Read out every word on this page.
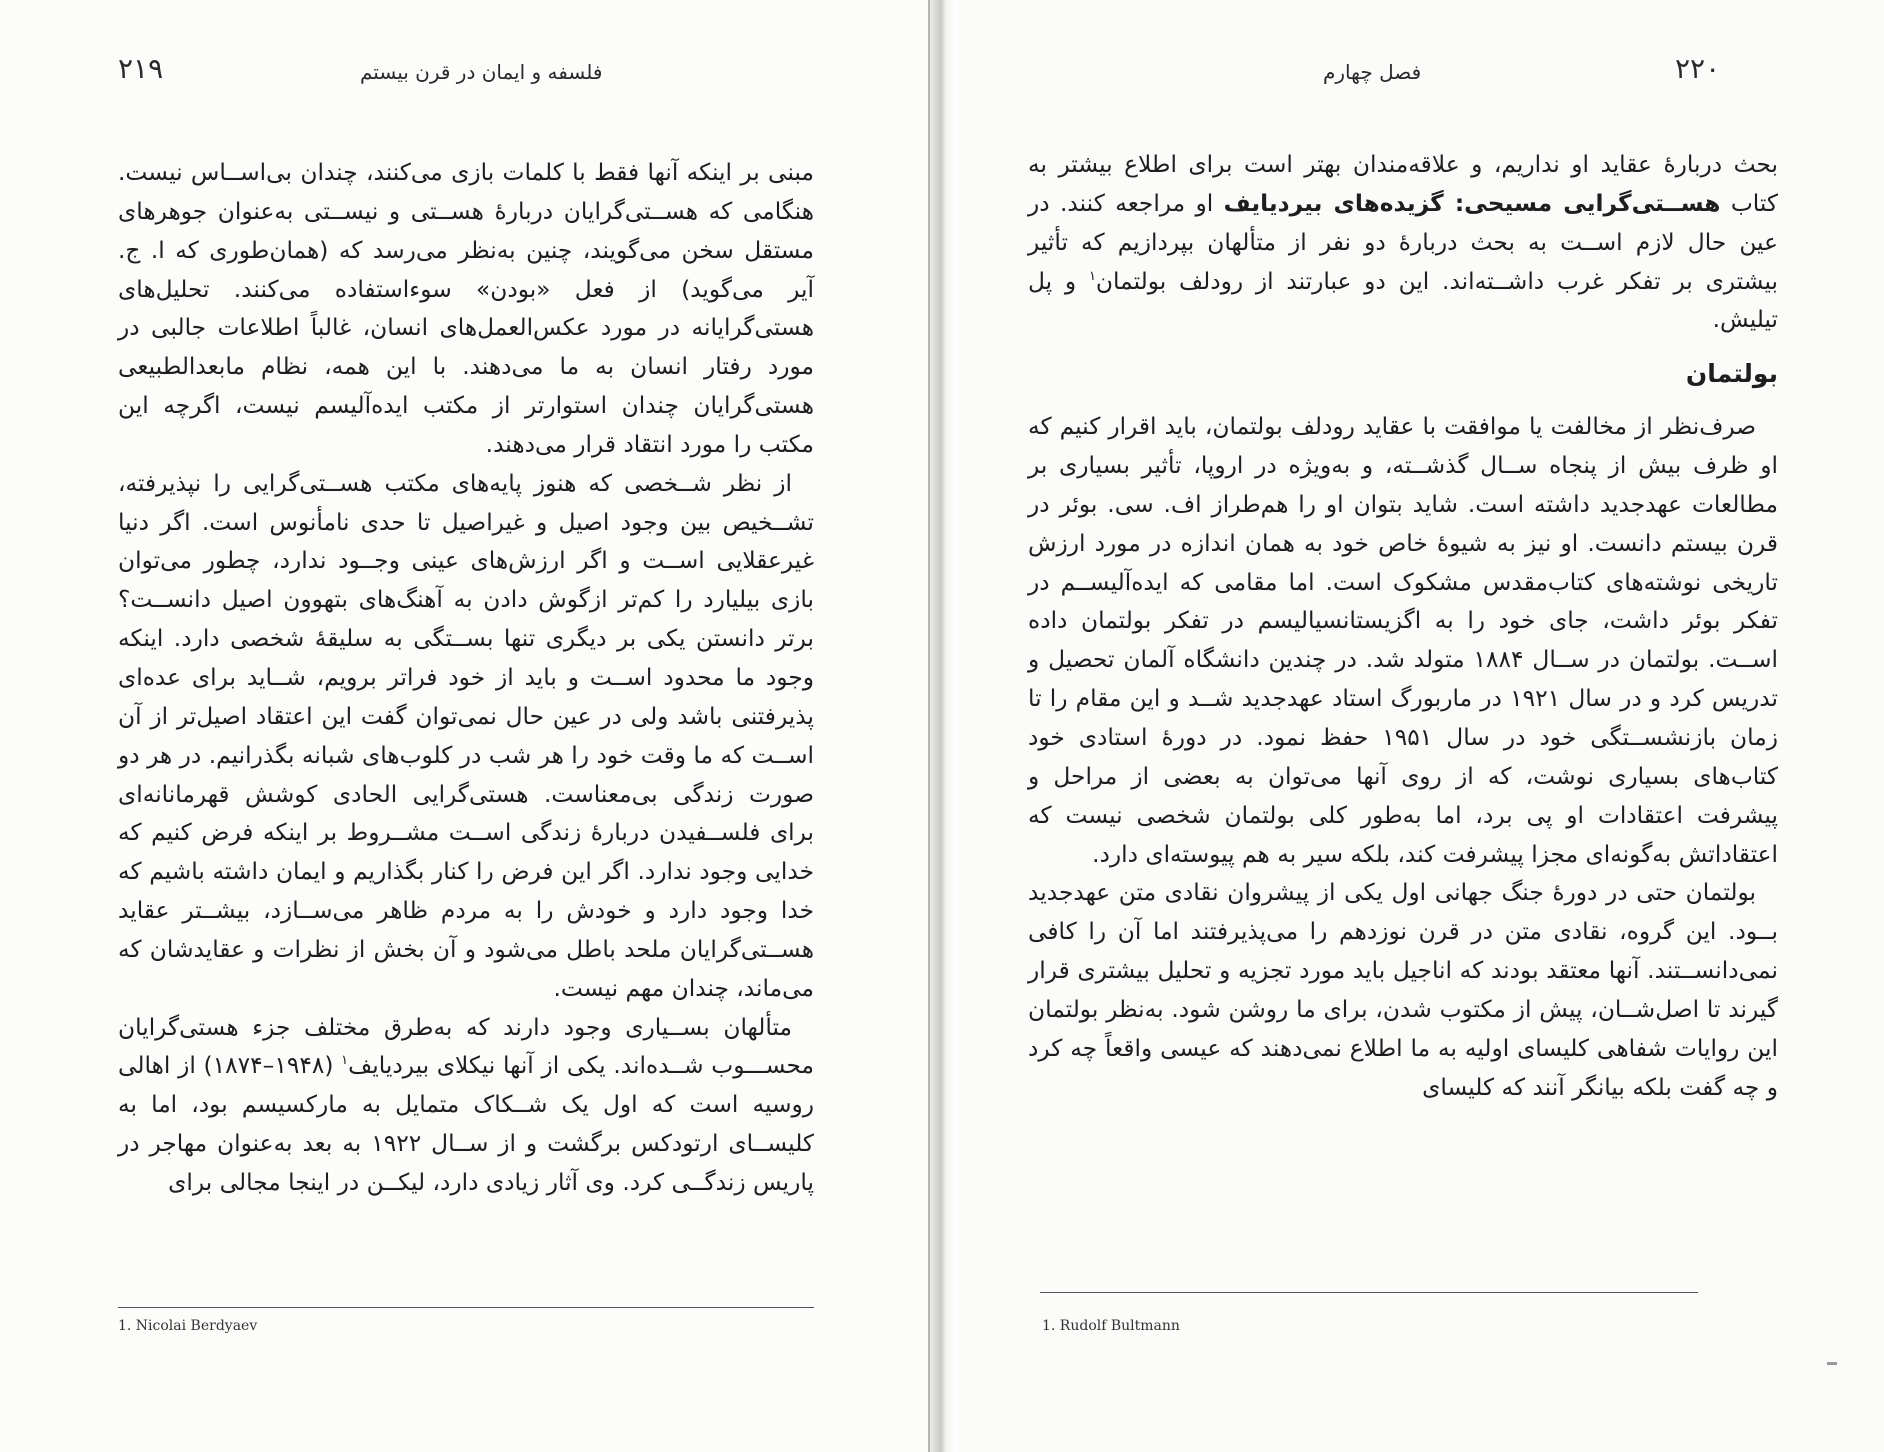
۲۱۹	فلسفه و ایمان در قرن بیستم

مبنی بر اینکه آنها فقط با کلمات بازی می‌کنند، چندان بی‌اســاس نیست. هنگامی که هســتی‌گرایان دربارهٔ هســتی و نیســتی به‌عنوان جوهرهای مستقل سخن می‌گویند، چنین به‌نظر می‌رسد که (همان‌طوری که ا. ج. آیر می‌گوید) از فعل «بودن» سوءاستفاده می‌کنند. تحلیل‌های هستی‌گرایانه در مورد عکس‌العمل‌های انسان، غالباً اطلاعات جالبی در مورد رفتار انسان به ما می‌دهند. با این همه، نظام مابعدالطبیعی هستی‌گرایان چندان استوارتر از مکتب ایده‌آلیسم نیست، اگرچه این مکتب را مورد انتقاد قرار می‌دهند.

از نظر شــخصی که هنوز پایه‌های مکتب هســتی‌گرایی را نپذیرفته، تشــخیص بین وجود اصیل و غیراصیل تا حدی نامأنوس است. اگر دنیا غیرعقلایی اســت و اگر ارزش‌های عینی وجــود ندارد، چطور می‌توان بازی بیلیارد را کم‌تر ازگوش دادن به آهنگ‌های بتهوون اصیل دانســت؟ برتر دانستن یکی بر دیگری تنها بســتگی به سلیقهٔ شخصی دارد. اینکه وجود ما محدود اســت و باید از خود فراتر برویم، شــاید برای عده‌ای پذیرفتنی باشد ولی در عین حال نمی‌توان گفت این اعتقاد اصیل‌تر از آن اســت که ما وقت خود را هر شب در کلوب‌های شبانه بگذرانیم. در هر دو صورت زندگی بی‌معناست. هستی‌گرایی الحادی کوشش قهرمانانه‌ای برای فلســفیدن دربارهٔ زندگی اســت مشــروط بر اینکه فرض کنیم که خدایی وجود ندارد. اگر این فرض را کنار بگذاریم و ایمان داشته باشیم که خدا وجود دارد و خودش را به مردم ظاهر می‌ســازد، بیشــتر عقاید هســتی‌گرایان ملحد باطل می‌شود و آن بخش از نظرات و عقایدشان که می‌ماند، چندان مهم نیست.

متألهان بســیاری وجود دارند که به‌طرق مختلف جزء هستی‌گرایان محســـوب شــده‌اند. یکی از آنها نیکلای بیردیایف$^۱$ (۱۹۴۸–۱۸۷۴) از اهالی روسیه است که اول یک شــکاک متمایل به مارکسیسم بود، اما به کلیســای ارتودکس برگشت و از ســال ۱۹۲۲ به بعد به‌عنوان مهاجر در پاریس زندگــی کرد. وی آثار زیادی دارد، لیکــن در اینجا مجالی برای

1. Nicolai Berdyaev
فصل چهارم	۲۲۰

بحث دربارهٔ عقاید او نداریم، و علاقه‌مندان بهتر است برای اطلاع بیشتر به کتاب هســتی‌گرایی مسیحی: گزیده‌های بیردیایف او مراجعه کنند. در عین حال لازم اســت به بحث دربارهٔ دو نفر از متألهان بپردازیم که تأثیر بیشتری بر تفکر غرب داشــته‌اند. این دو عبارتند از رودلف بولتمان$^۱$ و پل تیلیش.

بولتمان

صرف‌نظر از مخالفت یا موافقت با عقاید رودلف بولتمان، باید اقرار کنیم که او ظرف بیش از پنجاه ســال گذشــته، و به‌ویژه در اروپا، تأثیر بسیاری بر مطالعات عهدجدید داشته است. شاید بتوان او را هم‌طراز اف. سی. بوئر در قرن بیستم دانست. او نیز به شیوهٔ خاص خود به همان اندازه در مورد ارزش تاریخی نوشته‌های کتاب‌مقدس مشکوک است. اما مقامی که ایده‌آلیســم در تفکر بوئر داشت، جای خود را به اگزیستانسیالیسم در تفکر بولتمان داده اســت. بولتمان در ســال ۱۸۸۴ متولد شد. در چندین دانشگاه آلمان تحصیل و تدریس کرد و در سال ۱۹۲۱ در ماربورگ استاد عهدجدید شــد و این مقام را تا زمان بازنشســتگی خود در سال ۱۹۵۱ حفظ نمود. در دورهٔ استادی خود کتاب‌های بسیاری نوشت، که از روی آنها می‌توان به بعضی از مراحل و پیشرفت اعتقادات او پی برد، اما به‌طور کلی بولتمان شخصی نیست که اعتقاداتش به‌گونه‌ای مجزا پیشرفت کند، بلکه سیر به هم پیوسته‌ای دارد.

بولتمان حتی در دورهٔ جنگ جهانی اول یکی از پیشروان نقادی متن عهدجدید بــود. این گروه، نقادی متن در قرن نوزدهم را می‌پذیرفتند اما آن را کافی نمی‌دانســتند. آنها معتقد بودند که اناجیل باید مورد تجزیه و تحلیل بیشتری قرار گیرند تا اصل‌شــان، پیش از مکتوب شدن، برای ما روشن شود. به‌نظر بولتمان این روایات شفاهی کلیسای اولیه به ما اطلاع نمی‌دهند که عیسی واقعاً چه کرد و چه گفت بلکه بیانگر آنند که کلیسای

1. Rudolf Bultmann
